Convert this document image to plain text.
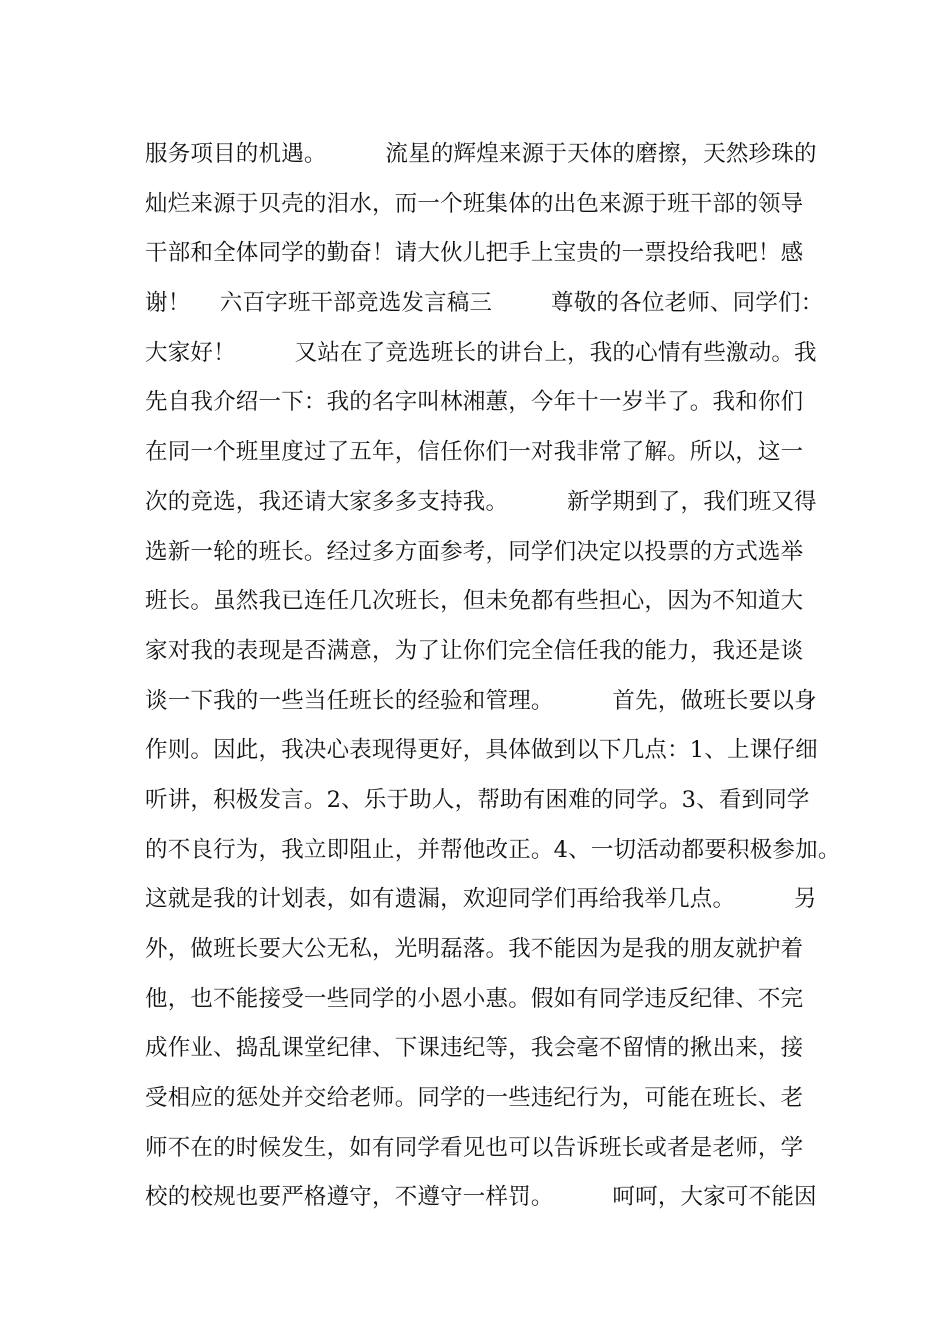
服务项目的机遇。        流星的辉煌来源于天体的磨擦，天然珍珠的
灿烂来源于贝壳的泪水，而一个班集体的出色来源于班干部的领导
干部和全体同学的勤奋！请大伙儿把手上宝贵的一票投给我吧！感
谢！    六百字班干部竞选发言稿三        尊敬的各位老师、同学们：
大家好！        又站在了竞选班长的讲台上，我的心情有些激动。我
先自我介绍一下：我的名字叫林湘蕙，今年十一岁半了。我和你们
在同一个班里度过了五年，信任你们一对我非常了解。所以，这一
次的竞选，我还请大家多多支持我。        新学期到了，我们班又得
选新一轮的班长。经过多方面参考，同学们决定以投票的方式选举
班长。虽然我已连任几次班长，但未免都有些担心，因为不知道大
家对我的表现是否满意，为了让你们完全信任我的能力，我还是谈
谈一下我的一些当任班长的经验和管理。        首先，做班长要以身
作则。因此，我决心表现得更好，具体做到以下几点：1、上课仔细
听讲，积极发言。2、乐于助人，帮助有困难的同学。3、看到同学
的不良行为，我立即阻止，并帮他改正。4、一切活动都要积极参加。
这就是我的计划表，如有遗漏，欢迎同学们再给我举几点。        另
外，做班长要大公无私，光明磊落。我不能因为是我的朋友就护着
他，也不能接受一些同学的小恩小惠。假如有同学违反纪律、不完
成作业、捣乱课堂纪律、下课违纪等，我会毫不留情的揪出来，接
受相应的惩处并交给老师。同学的一些违纪行为，可能在班长、老
师不在的时候发生，如有同学看见也可以告诉班长或者是老师，学
校的校规也要严格遵守，不遵守一样罚。        呵呵，大家可不能因
